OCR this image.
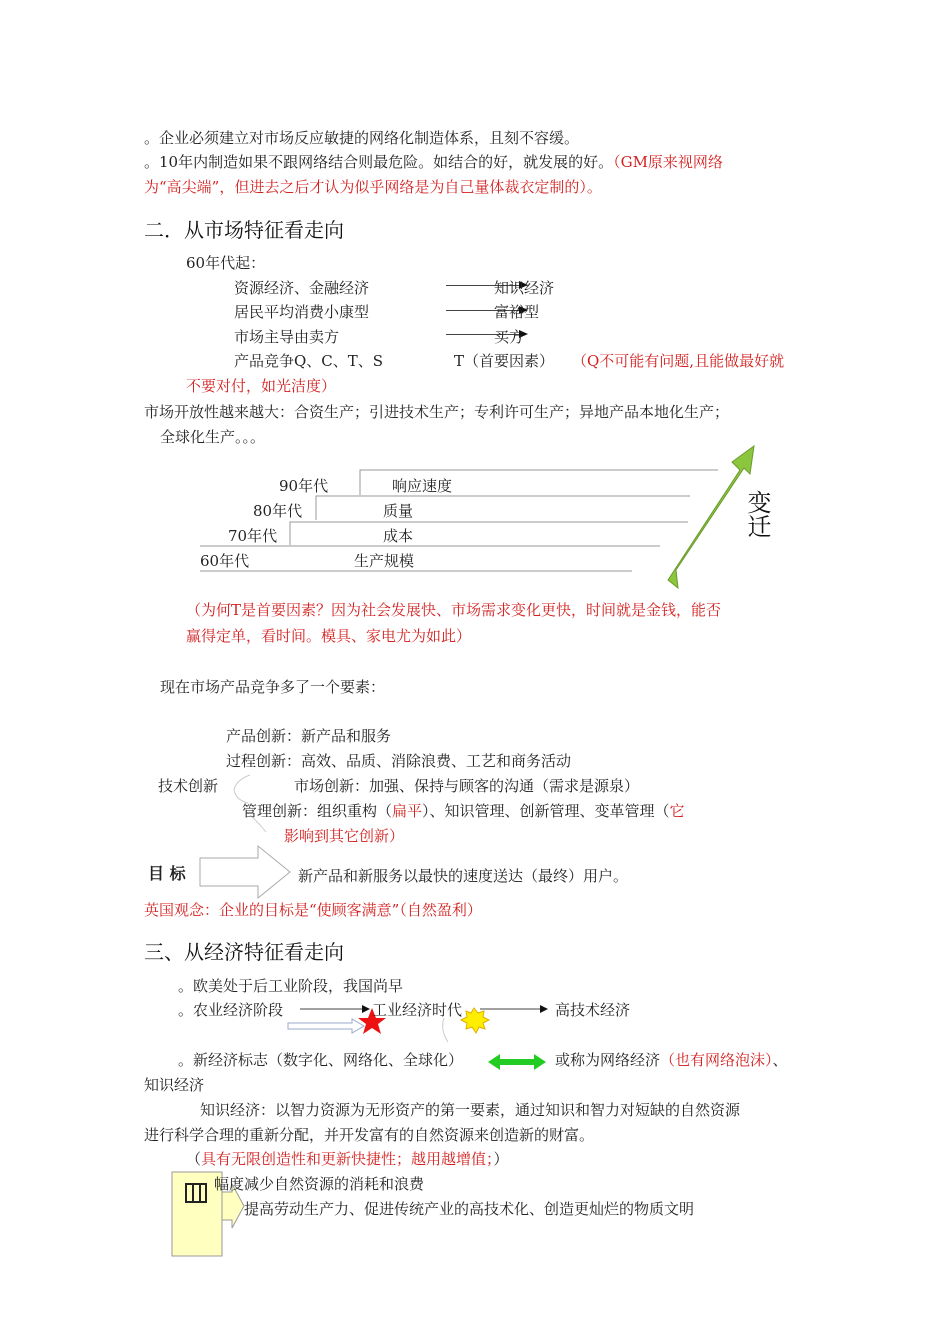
。企业必须建立对市场反应敏捷的网络化制造体系，且刻不容缓。
。10年内制造如果不跟网络结合则最危险。如结合的好，就发展的好。（GM原来视网络
为“高尖端”，但进去之后才认为似乎网络是为自己量体裁衣定制的）。
二．从市场特征看走向
60年代起：
资源经济、金融经济	知识经济
居民平均消费小康型	富裕型
市场主导由卖方	买方
产品竞争Q、C、T、S	T（首要因素） （Q不可能有问题,且能做最好就
不要对付，如光洁度）
市场开放性越来越大：合资生产；引进技术生产；专利许可生产；异地产品本地化生产；
全球化生产。。。
90年代	响应速度
80年代	质量
70年代	成本
60年代	生产规模
变迁
（为何T是首要因素？因为社会发展快、市场需求变化更快，时间就是金钱，能否
赢得定单，看时间。模具、家电尤为如此）
现在市场产品竞争多了一个要素：
产品创新：新产品和服务
过程创新：高效、品质、消除浪费、工艺和商务活动
技术创新	市场创新：加强、保持与顾客的沟通（需求是源泉）
管理创新：组织重构（扁平）、知识管理、创新管理、变革管理（它
影响到其它创新）
目 标	新产品和新服务以最快的速度送达（最终）用户。
英国观念：企业的目标是“使顾客满意”（自然盈利）
三、从经济特征看走向
。欧美处于后工业阶段，我国尚早
。农业经济阶段	工业经济时代	高技术经济
。新经济标志（数字化、网络化、全球化）	或称为网络经济（也有网络泡沫）、
知识经济
知识经济：以智力资源为无形资产的第一要素，通过知识和智力对短缺的自然资源
进行科学合理的重新分配，并开发富有的自然资源来创造新的财富。
（具有无限创造性和更新快捷性；越用越增值；）
幅度减少自然资源的消耗和浪费
提高劳动生产力、促进传统产业的高技术化、创造更灿烂的物质文明
